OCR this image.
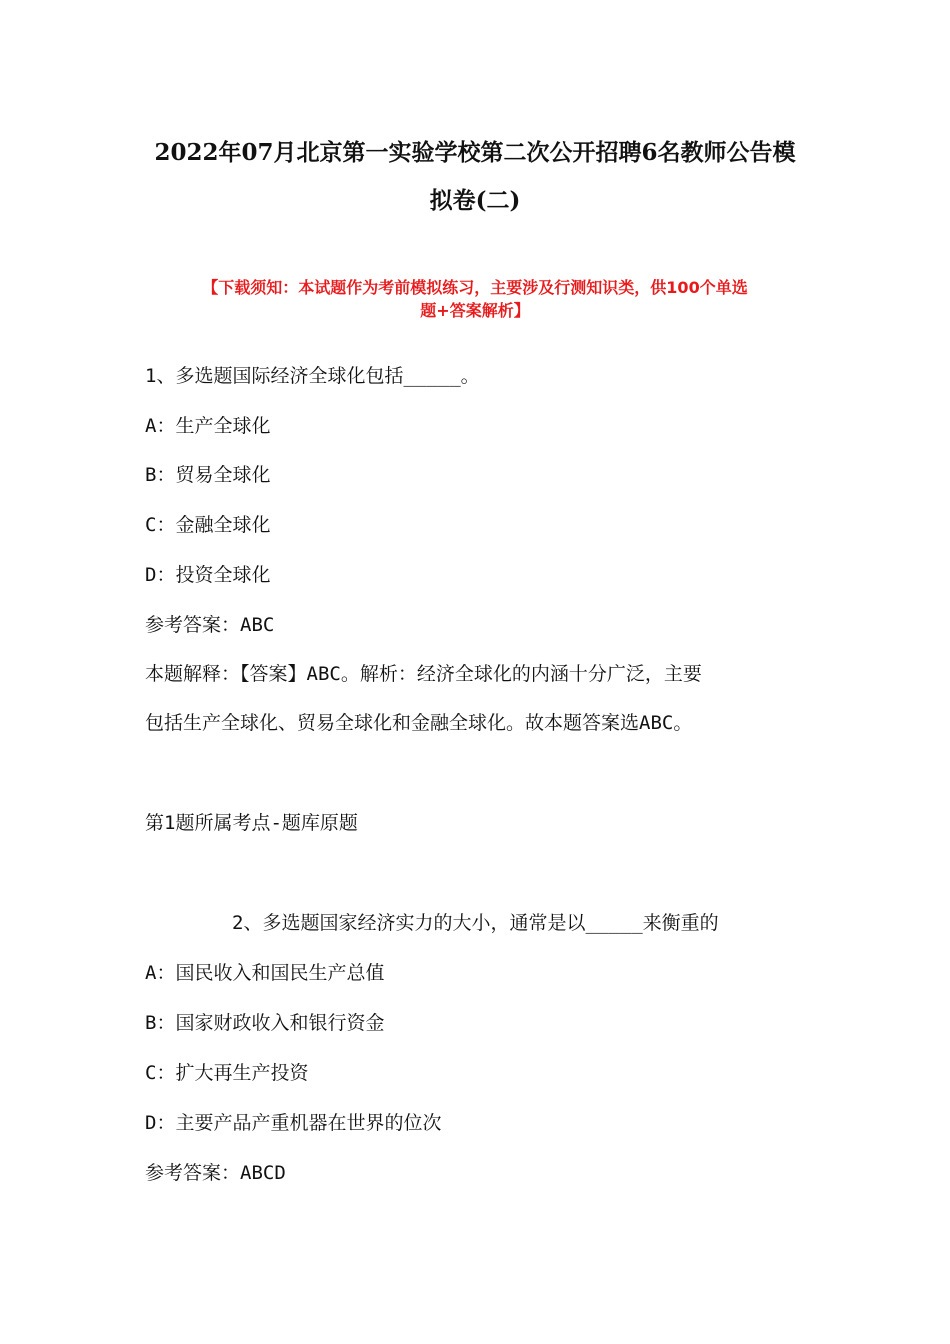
2022年07月北京第一实验学校第二次公开招聘6名教师公告模
拟卷(二)

【下载须知：本试题作为考前模拟练习，主要涉及行测知识类，供100个单选

题+答案解析】

1、多选题国际经济全球化包括_____。

A：生产全球化

B：贸易全球化

C：金融全球化

D：投资全球化

参考答案：ABC

本题解释：【答案】ABC。解析：经济全球化的内涵十分广泛，主要

包括生产全球化、贸易全球化和金融全球化。故本题答案选ABC。

第1题所属考点-题库原题

2、多选题国家经济实力的大小，通常是以_____来衡重的

A：国民收入和国民生产总值

B：国家财政收入和银行资金

C：扩大再生产投资

D：主要产品产重机器在世界的位次

参考答案：ABCD
